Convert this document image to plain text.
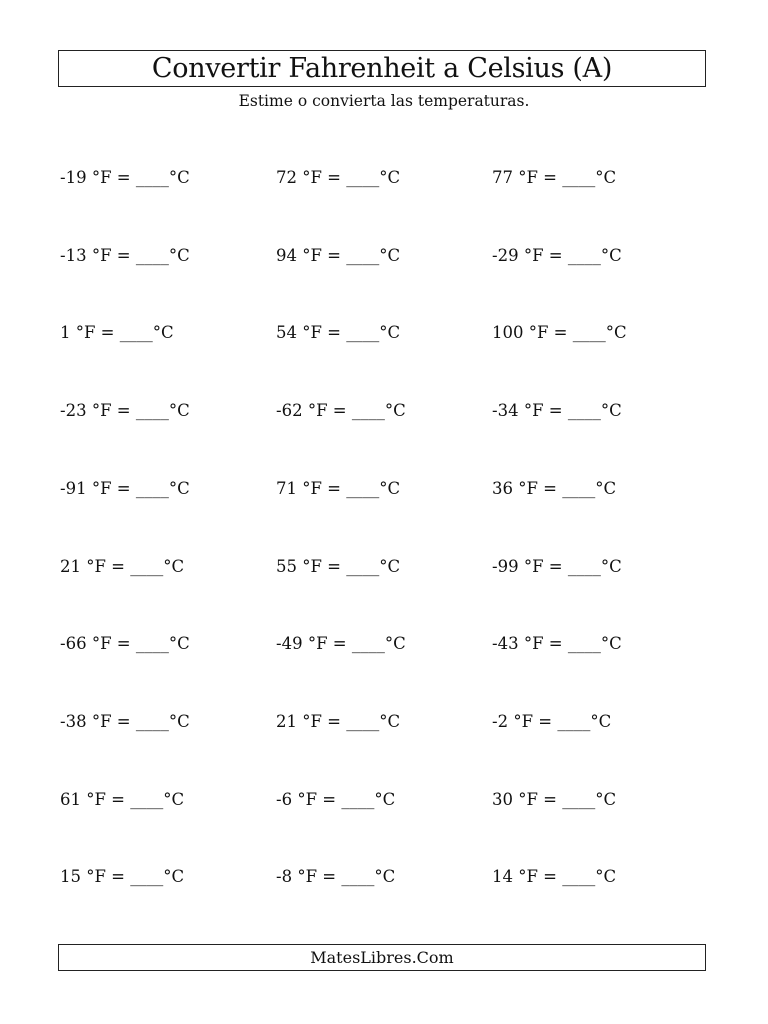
Convertir Fahrenheit a Celsius (A)
Estime o convierta las temperaturas.
-19 °F = ____°C	72 °F = ____°C	77 °F = ____°C
-13 °F = ____°C	94 °F = ____°C	-29 °F = ____°C
1 °F = ____°C	54 °F = ____°C	100 °F = ____°C
-23 °F = ____°C	-62 °F = ____°C	-34 °F = ____°C
-91 °F = ____°C	71 °F = ____°C	36 °F = ____°C
21 °F = ____°C	55 °F = ____°C	-99 °F = ____°C
-66 °F = ____°C	-49 °F = ____°C	-43 °F = ____°C
-38 °F = ____°C	21 °F = ____°C	-2 °F = ____°C
61 °F = ____°C	-6 °F = ____°C	30 °F = ____°C
15 °F = ____°C	-8 °F = ____°C	14 °F = ____°C
MatesLibres.Com
